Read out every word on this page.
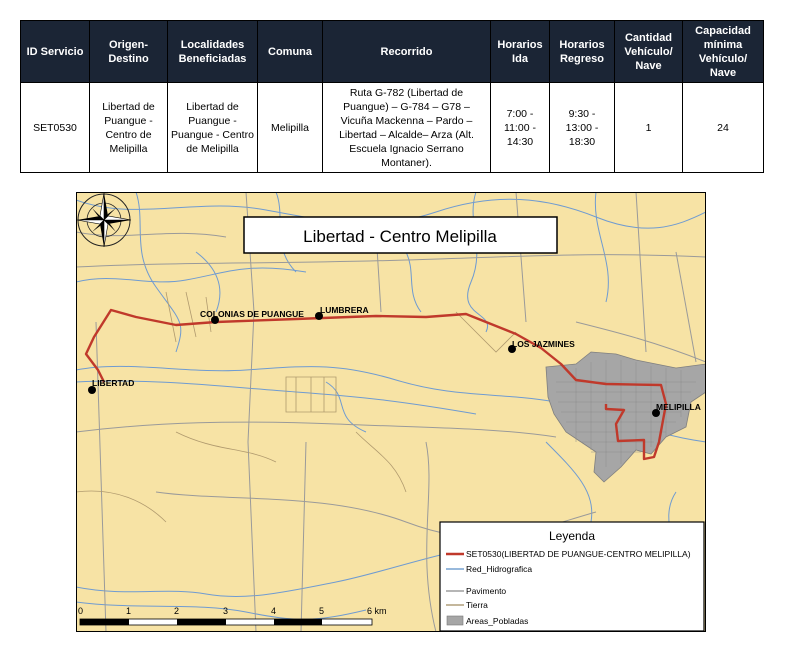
ID Servicio	Origen-Destino	Localidades Beneficiadas	Comuna	Recorrido	Horarios Ida	Horarios Regreso	Cantidad Vehículo/ Nave	Capacidad mínima Vehículo/ Nave
SET0530	Libertad de Puangue - Centro de Melipilla	Libertad de Puangue - Puangue - Centro de Melipilla	Melipilla	Ruta G-782 (Libertad de Puangue) – G-784 – G78 – Vicuña Mackenna – Pardo – Libertad – Alcalde– Arza (Alt. Escuela Ignacio Serrano Montaner).	7:00 -
11:00 -
14:30	9:30 -
13:00 -
18:30	1	24
LIBERTAD
COLONIAS DE PUANGUE LUMBRERA
LOS JAZMINES
MELIPILLA
Libertad - Centro Melipilla
Leyenda
SET0530(LIBERTAD DE PUANGUE-CENTRO MELIPILLA)
Red_Hidrografica
Pavimento
Tierra
Areas_Pobladas
0	1	2	3	4	5	6 km
